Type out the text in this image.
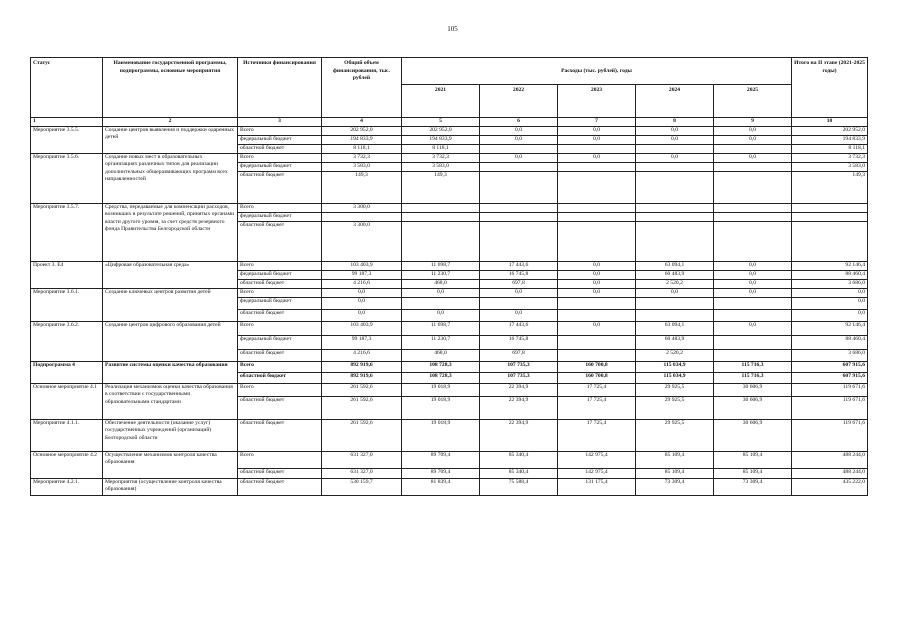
105
Статус	Наименование государственной программы, подпрограммы, основные мероприятия	Источники финансирования	Общий объем финансирования, тыс. рублей	Расходы (тыс. рублей), годы					Итого на II этапе (2021-2025 годы)
				2021	2022	2023	2024	2025	
1	2	3	4	5	6	7	8	9	10
Мероприятие 3.5.5.	Создание центров выявления и поддержки одаренных детей	Всего	202 952,0	202 952,0	0,0	0,0	0,0	0,0	202 952,0
		федеральный бюджет	194 833,9	194 833,9	0,0	0,0	0,0	0,0	194 833,9
		областной бюджет	8 118,1	8 118,1					8 118,1
Мероприятие 3.5.6.	Создание новых мест в образовательных организациях различных типов для реализации дополнительных общеразвивающих программ всех направленностей	Всего	3 732,3	3 732,3	0,0	0,0	0,0	0,0	3 732,3
		федеральный бюджет	3 583,0	3 583,0					3 583,0
		областной бюджет	149,3	149,3					149,3
Мероприятие 3.5.7.	Средства, передаваемые для компенсации расходов, возникших в результате решений, принятых органами власти другого уровня, за счет средств резервного фонда Правительства Белгородской области	Всего	3 300,0						
		федеральный бюджет							
		областной бюджет	3 300,0						
Проект 3. Е4	«Цифровая образовательная среда»	Всего	103 403,9	11 698,7	17 443,6	0,0	63 094,1	0,0	92 146,4
		федеральный бюджет	99 187,3	11 230,7	16 745,8	0,0	60 483,9	0,0	88 460,4
		областной бюджет	4 216,6	468,0	697,8	0,0	2 520,2	0,0	3 686,0
Мероприятие 3.6.1.	Создание ключевых центров развития детей	Всего	0,0	0,0	0,0	0,0	0,0	0,0	0,0
		федеральный бюджет	0,0						0,0
		областной бюджет	0,0	0,0	0,0				0,0
Мероприятие 3.6.2.	Создание центров цифрового образования детей	Всего	103 403,9	11 698,7	17 443,6	0,0	63 094,1	0,0	92 146,4
		федеральный бюджет	99 187,3	11 230,7	16 745,8		60 483,9		88 460,4
		областной бюджет	4 216,6	468,0	697,8		2 520,2		3 686,0
Подпрограмма 4	Развитие системы оценки качества образования	Всего	892 919,6	108 728,3	107 735,3	160 700,8	115 034,9	115 716,3	607 915,6
		областной бюджет	892 919,6	108 728,3	107 735,3	160 700,8	115 034,9	115 716,3	607 915,6
Основное мероприятие 4.1	Реализация механизмов оценки качества образования в соответствии с государственными образовательными стандартами	Всего	261 592,6	19 018,9	22 394,9	17 725,4	29 925,5	30 606,9	119 671,6
		областной бюджет	261 592,6	19 018,9	22 394,9	17 725,4	29 925,5	30 606,9	119 671,6
Мероприятие 4.1.1.	Обеспечение деятельности (оказание услуг) государственных учреждений (организаций) Белгородской области	областной бюджет	261 592,6	19 018,9	22 394,9	17 725,4	29 925,5	30 606,9	119 671,6
Основное мероприятие 4.2	Осуществление механизмов контроля качества образования	Всего	631 327,0	89 709,4	85 340,4	142 975,4	85 109,4	85 109,4	488 244,0
		областной бюджет	631 327,0	89 709,4	85 340,4	142 975,4	85 109,4	85 109,4	488 244,0
Мероприятие 4.2.1.	Мероприятия (осуществление контроля качества образования)	областной бюджет	530 159,7	81 839,4	75 588,4	131 175,4	73 309,4	73 309,4	435 222,0
